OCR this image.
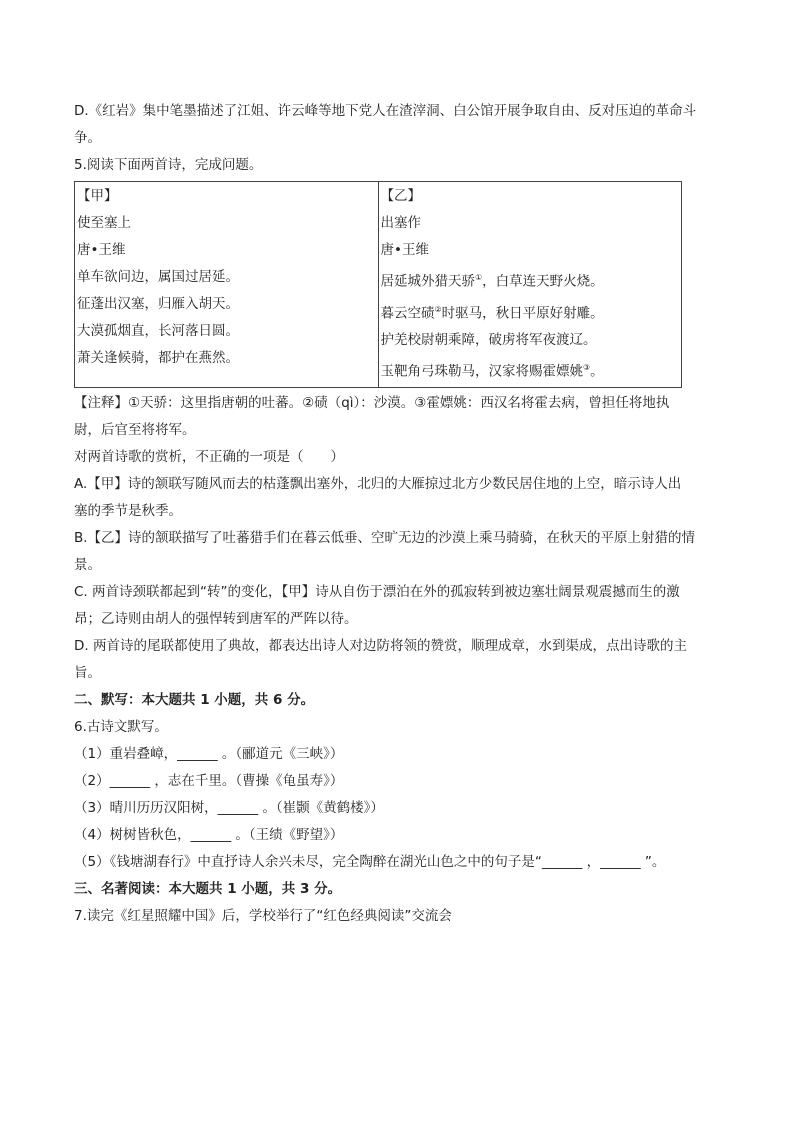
D.《红岩》集中笔墨描述了江姐、许云峰等地下党人在渣滓洞、白公馆开展争取自由、反对压迫的革命斗
争。
5.阅读下面两首诗，完成问题。
【甲】
使至塞上
唐•王维
单车欲问边，属国过居延。
征蓬出汉塞，归雁入胡天。
大漠孤烟直，长河落日圆。
萧关逢候骑，都护在燕然。

【乙】
出塞作
唐•王维
居延城外猎天骄①，白草连天野火烧。
暮云空碛②时驱马，秋日平原好射雕。
护羌校尉朝乘障，破虏将军夜渡辽。
玉靶角弓珠勒马，汉家将赐霍嫖姚③。
【注释】①天骄：这里指唐朝的吐蕃。②碛（qì）：沙漠。③霍嫖姚：西汉名将霍去病，曾担任将地执
尉，后官至将将军。
对两首诗歌的赏析，不正确的一项是（　　）
A.【甲】诗的颔联写随风而去的枯蓬飘出塞外，北归的大雁掠过北方少数民居住地的上空，暗示诗人出
塞的季节是秋季。
B.【乙】诗的颔联描写了吐蕃猎手们在暮云低垂、空旷无边的沙漠上乘马骑骑，在秋天的平原上射猎的情
景。
C. 两首诗颈联都起到“转”的变化，【甲】诗从自伤于漂泊在外的孤寂转到被边塞壮阔景观震撼而生的激
昂；乙诗则由胡人的强悍转到唐军的严阵以待。
D. 两首诗的尾联都使用了典故，都表达出诗人对边防将领的赞赏，顺理成章，水到渠成，点出诗歌的主
旨。
二、默写：本大题共 1 小题，共 6 分。
6.古诗文默写。
（1）重岩叠嶂，______ 。（郦道元《三峡》）
（2）______ ，志在千里。（曹操《龟虽寿》）
（3）晴川历历汉阳树，______ 。（崔颢《黄鹤楼》）
（4）树树皆秋色，______ 。（王绩《野望》）
（5）《钱塘湖春行》中直抒诗人余兴未尽，完全陶醉在湖光山色之中的句子是“______ ，______ ”。
三、名著阅读：本大题共 1 小题，共 3 分。
7.读完《红星照耀中国》后，学校举行了“红色经典阅读”交流会
